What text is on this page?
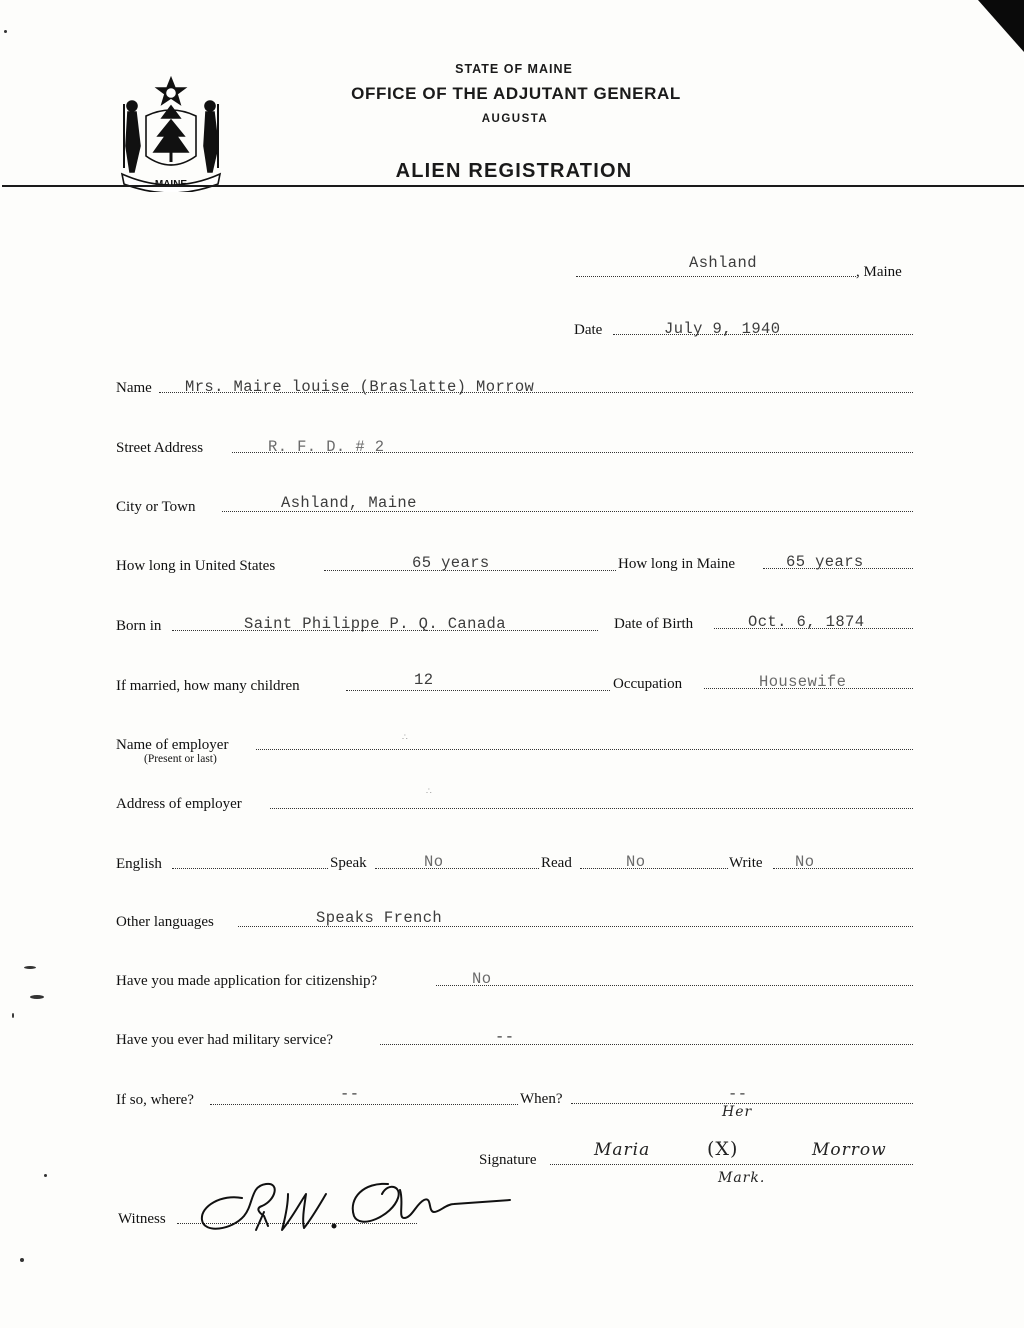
MAINE
STATE OF MAINE
OFFICE OF THE ADJUTANT GENERAL
AUGUSTA
ALIEN REGISTRATION
Ashland	, Maine
Date	July 9, 1940
Name Mrs. Maire louise (Braslatte) Morrow
Street Address	R. F. D. # 2
City or Town	Ashland, Maine
How long in United States	65 years	How long in Maine	65 years
Born in	Saint Philippe P. Q. Canada	Date of Birth	Oct. 6, 1874
If married, how many children	12	Occupation	Housewife
Name of employer
(Present or last)
∴
Address of employer
∴
English	Speak	No	Read	No	Write No
Other languages	Speaks French
Have you made application for citizenship?	No
Have you ever had military service?	--
If so, where?	--	When?	--
Her
Signature	Maria	(X)	Morrow
Mark.
Witness
